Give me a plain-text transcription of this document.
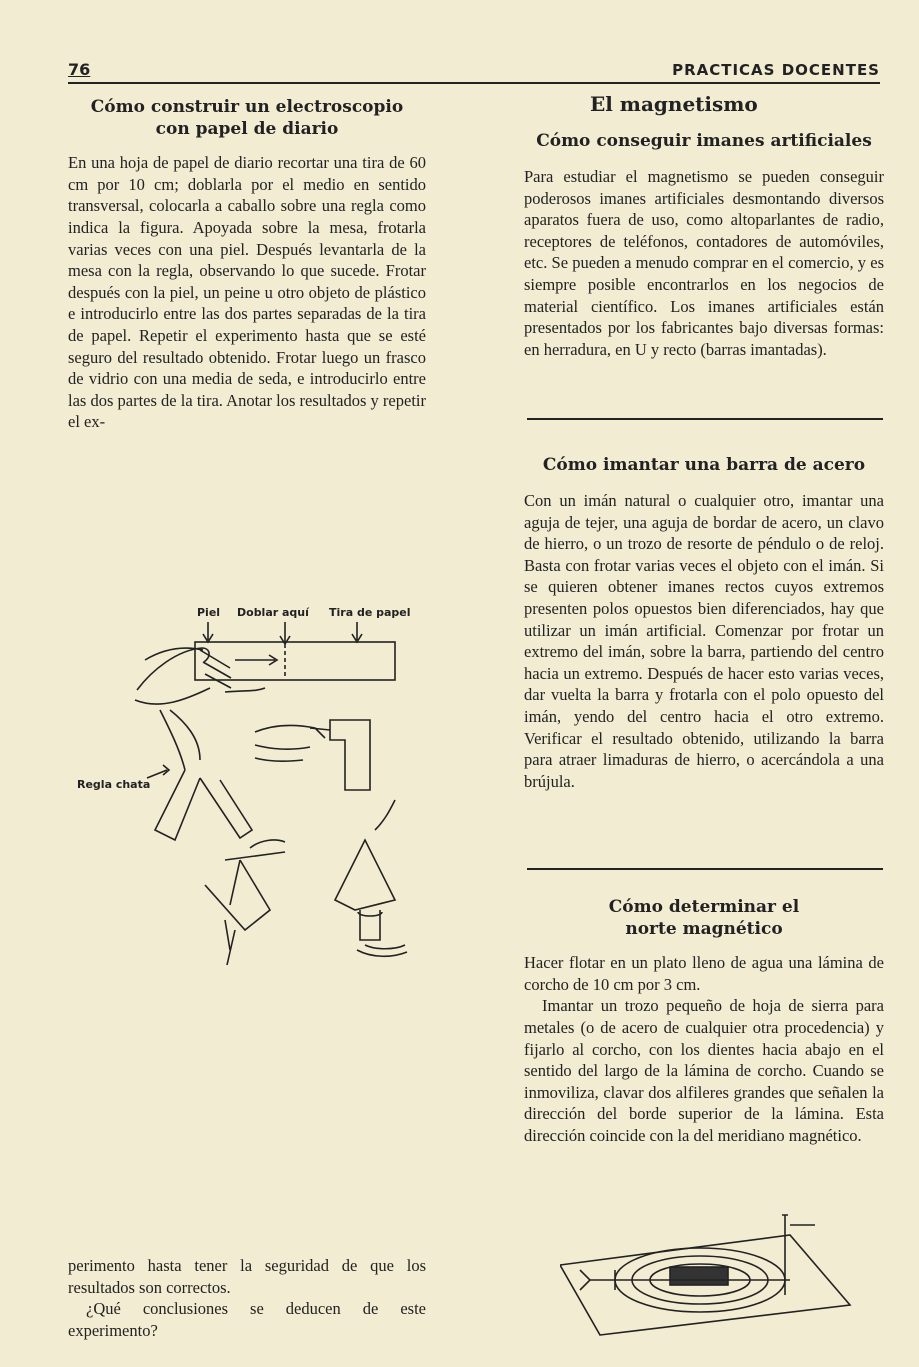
76	PRACTICAS DOCENTES
Cómo construir un electroscopio con papel de diario

En una hoja de papel de diario recortar una tira de 60 cm por 10 cm; doblarla por el medio en sentido transversal, colocarla a caballo sobre una regla como indica la figura. Apoyada sobre la mesa, frotarla varias veces con una piel. Después levantarla de la mesa con la regla, observando lo que sucede. Frotar después con la piel, un peine u otro objeto de plástico e introducirlo entre las dos partes separadas de la tira de papel. Repetir el experimento hasta que se esté seguro del resultado obtenido. Frotar luego un frasco de vidrio con una media de seda, e introducirlo entre las dos partes de la tira. Anotar los resultados y repetir el ex-

Piel Doblar aquí Tira de papel
Regla chata

perimento hasta tener la seguridad de que los resultados son correctos.

¿Qué conclusiones se deducen de este experimento?

El magnetismo
Cómo conseguir imanes artificiales

Para estudiar el magnetismo se pueden conseguir poderosos imanes artificiales desmontando diversos aparatos fuera de uso, como altoparlantes de radio, receptores de teléfonos, contadores de automóviles, etc. Se pueden a menudo comprar en el comercio, y es siempre posible encontrarlos en los negocios de material científico. Los imanes artificiales están presentados por los fabricantes bajo diversas formas: en herradura, en U y recto (barras imantadas).

Cómo imantar una barra de acero

Con un imán natural o cualquier otro, imantar una aguja de tejer, una aguja de bordar de acero, un clavo de hierro, o un trozo de resorte de péndulo o de reloj. Basta con frotar varias veces el objeto con el imán. Si se quieren obtener imanes rectos cuyos extremos presenten polos opuestos bien diferenciados, hay que utilizar un imán artificial. Comenzar por frotar un extremo del imán, sobre la barra, partiendo del centro hacia un extremo. Después de hacer esto varias veces, dar vuelta la barra y frotarla con el polo opuesto del imán, yendo del centro hacia el otro extremo. Verificar el resultado obtenido, utilizando la barra para atraer limaduras de hierro, o acercándola a una brújula.

Cómo determinar el norte magnético

Hacer flotar en un plato lleno de agua una lámina de corcho de 10 cm por 3 cm.

Imantar un trozo pequeño de hoja de sierra para metales (o de acero de cualquier otra procedencia) y fijarlo al corcho, con los dientes hacia abajo en el sentido del largo de la lámina de corcho. Cuando se inmoviliza, clavar dos alfileres grandes que señalen la dirección del borde superior de la lámina. Esta dirección coincide con la del meridiano magnético.
